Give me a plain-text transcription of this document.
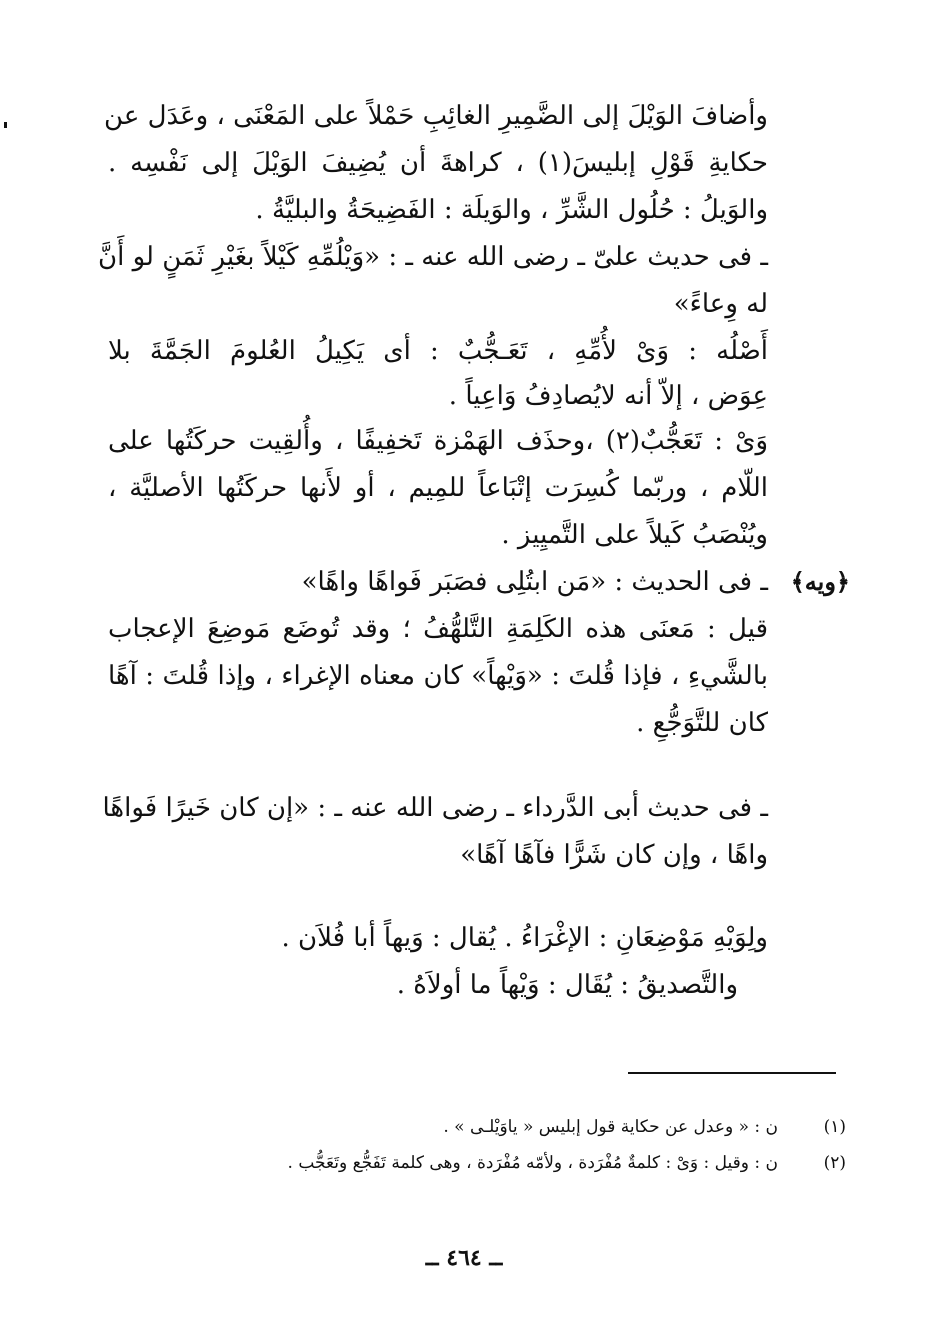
وأضافَ الوَيْلَ إلى الضَّمِيرِ الغائِبِ حَمْلاً على المَعْنَى ، وعَدَل عن
حكايةِ قَوْلِ إبليسَ(١) ، كراهةَ أن يُضِيفَ الوَيْلَ إلى نَفْسِه .
والوَيلُ : حُلُول الشَّرِّ ، والوَيلَة : الفَضِيحَةُ والبليَّةُ .
ـ فى حديث علىّ ـ رضى الله عنه ـ : «وَيْلُمِّهِ كَيْلاً بغَيْرِ ثَمَنٍ لو أَنَّ
له وِعاءً»
أَصْلُه : وَىْ لأُمِّهِ ، تَعَـجُّبٌ : أى يَكِيلُ العُلومَ الجَمَّةَ بلا
عِوَض ، إلاّ أنه لايُصادِفُ وَاعِياً .
وَىْ : تَعَجُّبٌ(٢) ،وحذَف الهَمْزة تَخفِيفًا ، وأُلقِيت حركَتُها على
اللّام ، وربّما كُسِرَت إتْبَاعاً للمِيم ، أو لأَنها حركَتُها الأصليَّة ،
ويُنْصَبُ كَيلاً على التَّميِيز .
﴿ويه﴾
ـ فى الحديث : «مَن ابتُلِى فصَبَر فَواهًا واهًا»
قيل : مَعنَى هذه الكَلِمَةِ التَّلهُّفُ ؛ وقد تُوضَع مَوضِعَ الإعجاب
بالشَّيءِ ، فإذا قُلتَ : «وَيْهاً» كان معناه الإغراء ، وإذا قُلتَ : آهًا
كان للتَّوَجُّعِ .
ـ فى حديث أبى الدَّرداء ـ رضى الله عنه ـ : «إن كان خَيرًا فَواهًا
واهًا ، وإن كان شَرًّا فآهًا آهًا»
ولِوَيْهِ مَوْضِعَانِ : الإغْرَاءُ . يُقال : وَيهاً أبا فُلاَن .
والتَّصديقُ : يُقَال : وَيْهاً ما أولاَهُ .
(١)
ن : « وعدل عن حكاية قول إبليس « ياوَيْلـى » .
(٢)
ن : وقيل : وَىْ : كلمةٌ مُفْرَدة ، ولأمّه مُفْرَدة ، وهى كلمة تَفَجُّع وتَعَجُّب .
ــ ٤٦٤ ــ
